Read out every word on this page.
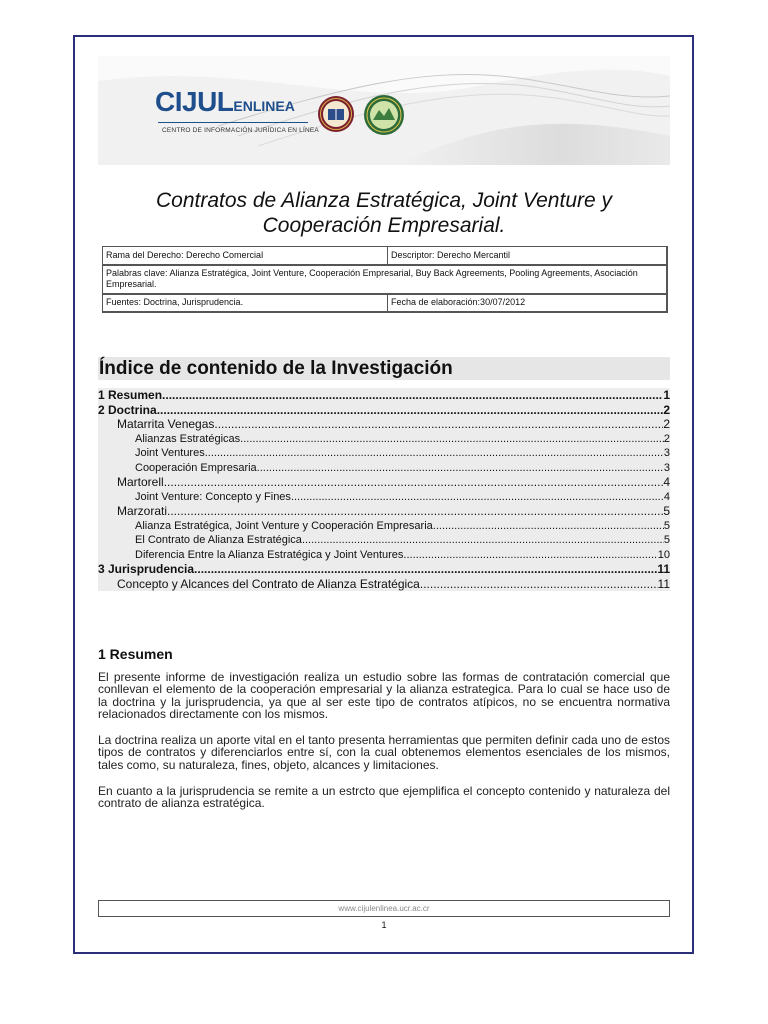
CIJULENLINEA
CENTRO DE INFORMACIÓN JURÍDICA EN LÍNEA
Contratos de Alianza Estratégica, Joint Venture y
Cooperación Empresarial.
Rama del Derecho: Derecho Comercial	Descriptor: Derecho Mercantil
Palabras clave: Alianza Estratégica, Joint Venture, Cooperación Empresarial, Buy Back Agreements, Pooling Agreements, Asociación Empresarial.	
Fuentes: Doctrina, Jurisprudencia.	Fecha de elaboración:30/07/2012
Índice de contenido de la Investigación
1 Resumen .....	1
2 Doctrina .....	2
Matarrita Venegas .....	2
Alianzas Estratégicas .....	2
Joint Ventures .....	3
Cooperación Empresaria .....	3
Martorell .....	4
Joint Venture: Concepto y Fines .....	4
Marzorati .....	5
Alianza Estratégica, Joint Venture y Cooperación Empresaria .....	5
El Contrato de Alianza Estratégica .....	5
Diferencia Entre la Alianza Estratégica y Joint Ventures .....	10
3 Jurisprudencia .....	11
Concepto y Alcances del Contrato de Alianza Estratégica .....	11
1 Resumen
El presente informe de investigación realiza un estudio sobre las formas de contratación comercial que conllevan el elemento de la cooperación empresarial y la alianza estrategica. Para lo cual se hace uso de la doctrina y la jurisprudencia, ya que al ser este tipo de contratos atípicos, no se encuentra normativa relacionados directamente con los mismos.
La doctrina realiza un aporte vital en el tanto presenta herramientas que permiten definir cada uno de estos tipos de contratos y diferenciarlos entre sí, con la cual obtenemos elementos esenciales de los mismos, tales como, su naturaleza, fines, objeto, alcances y limitaciones.
En cuanto a la jurisprudencia se remite a un estrcto que ejemplifica el concepto contenido y naturaleza del contrato de alianza estratégica.
www.cijulenlinea.ucr.ac.cr
1
